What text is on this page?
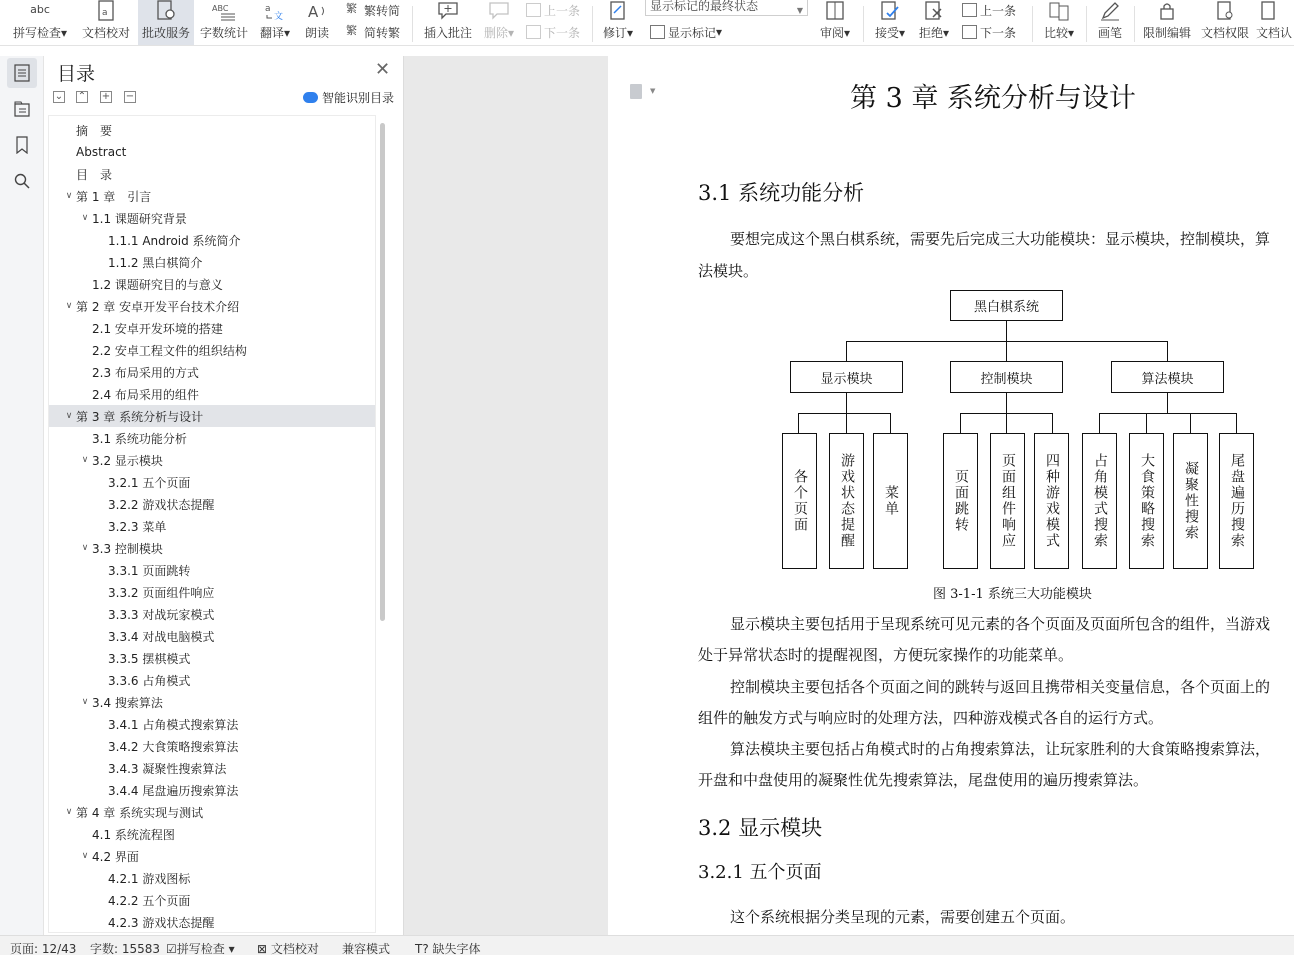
abc
拼写检查▾
a
文档校对 批改服务
ABC
字数统计
a
文
翻译▾
A
朗读
繁 繁转简
繁 简转繁 插入批注 删除▾
上一条
下一条 修订▾
显示标记的最终状态	▼
显示标记 ▾	审阅▾ 接受▾ 拒绝▾
上一条
下一条 比较▾ 画笔 限制编辑 文档权限 文档认
目录	✕
⌄ ⌃ + −	智能识别目录
摘　要
Abstract
目　录
∨ 第 1 章　引言
∨ 1.1 课题研究背景
1.1.1 Android 系统简介
1.1.2 黑白棋简介
1.2 课题研究目的与意义
∨ 第 2 章 安卓开发平台技术介绍
2.1 安卓开发环境的搭建
2.2 安卓工程文件的组织结构
2.3 布局采用的方式
2.4 布局采用的组件
∨ 第 3 章 系统分析与设计
3.1 系统功能分析
∨ 3.2 显示模块
3.2.1 五个页面
3.2.2 游戏状态提醒
3.2.3 菜单
∨ 3.3 控制模块
3.3.1 页面跳转
3.3.2 页面组件响应
3.3.3 对战玩家模式
3.3.4 对战电脑模式
3.3.5 摆棋模式
3.3.6 占角模式
∨ 3.4 搜索算法
3.4.1 占角模式搜索算法
3.4.2 大食策略搜索算法
3.4.3 凝聚性搜索算法
3.4.4 尾盘遍历搜索算法
∨ 第 4 章 系统实现与测试
4.1 系统流程图
∨ 4.2 界面
4.2.1 游戏图标
4.2.2 五个页面
4.2.3 游戏状态提醒
▼	第 3 章 系统分析与设计
3.1 系统功能分析
要想完成这个黑白棋系统，需要先后完成三大功能模块：显示模块，控制模块，算
法模块。
黑白棋系统
显示模块	控制模块	算法模块
各个页面 游戏状态提醒 菜单	页面跳转 页面组件响应 四种游戏模式 占角模式搜索 大食策略搜索 凝聚性搜索 尾盘遍历搜索
图 3-1-1 系统三大功能模块
显示模块主要包括用于呈现系统可见元素的各个页面及页面所包含的组件，当游戏
处于异常状态时的提醒视图，方便玩家操作的功能菜单。
控制模块主要包括各个页面之间的跳转与返回且携带相关变量信息，各个页面上的
组件的触发方式与响应时的处理方法，四种游戏模式各自的运行方式。
算法模块主要包括占角模式时的占角搜索算法，让玩家胜利的大食策略搜索算法，
开盘和中盘使用的凝聚性优先搜索算法，尾盘使用的遍历搜索算法。
3.2 显示模块
3.2.1 五个页面
这个系统根据分类呈现的元素，需要创建五个页面。
页面: 12/43 字数: 15583 ☑拼写检查 ▾ ⊠ 文档校对 兼容模式 T? 缺失字体
